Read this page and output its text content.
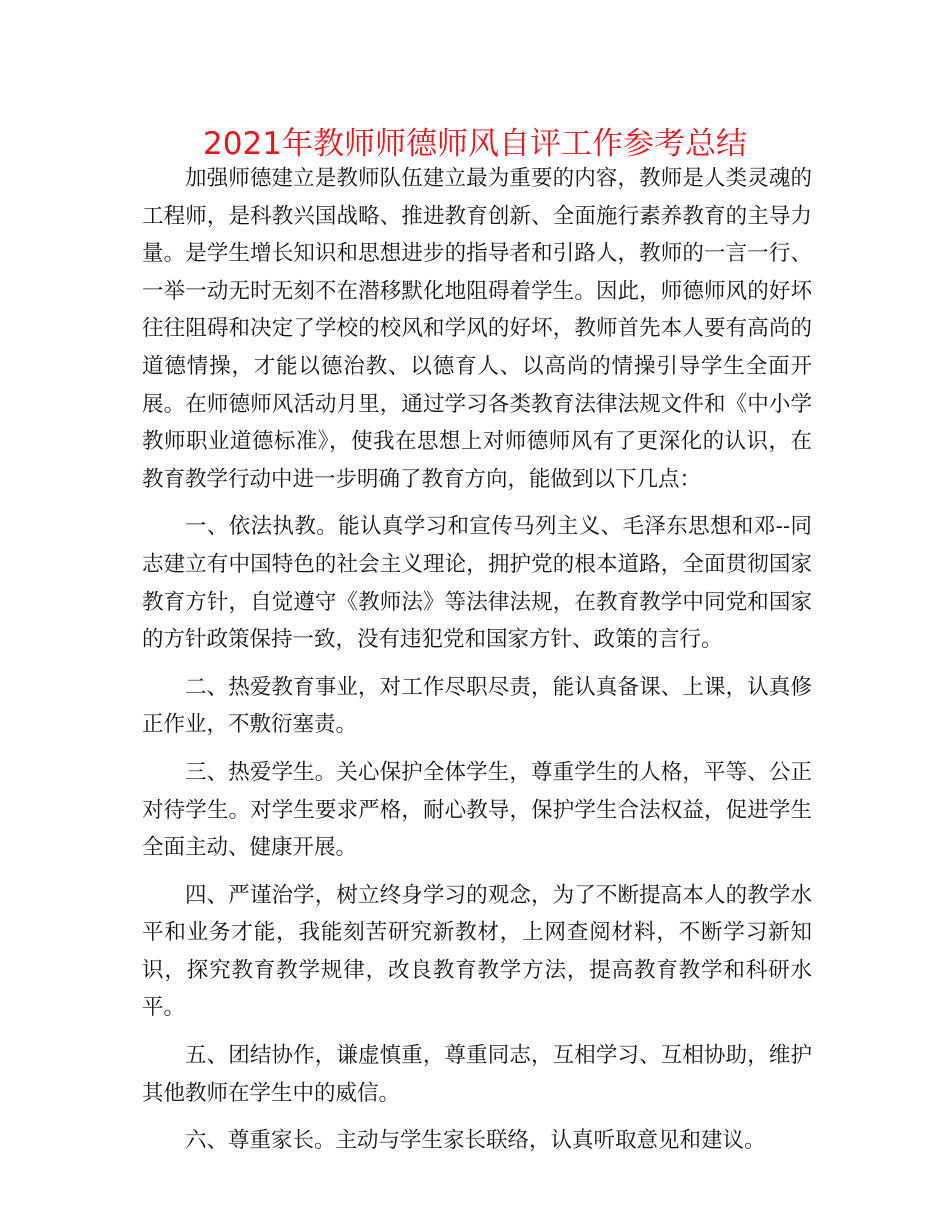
2021年教师师德师风自评工作参考总结

加强师德建立是教师队伍建立最为重要的内容，教师是人类灵魂的工程师，是科教兴国战略、推进教育创新、全面施行素养教育的主导力量。是学生增长知识和思想进步的指导者和引路人，教师的一言一行、一举一动无时无刻不在潜移默化地阻碍着学生。因此，师德师风的好坏往往阻碍和决定了学校的校风和学风的好坏，教师首先本人要有高尚的道德情操，才能以德治教、以德育人、以高尚的情操引导学生全面开展。在师德师风活动月里，通过学习各类教育法律法规文件和《中小学教师职业道德标准》，使我在思想上对师德师风有了更深化的认识，在教育教学行动中进一步明确了教育方向，能做到以下几点：

一、依法执教。能认真学习和宣传马列主义、毛泽东思想和邓--同志建立有中国特色的社会主义理论，拥护党的根本道路，全面贯彻国家教育方针，自觉遵守《教师法》等法律法规，在教育教学中同党和国家的方针政策保持一致，没有违犯党和国家方针、政策的言行。

二、热爱教育事业，对工作尽职尽责，能认真备课、上课，认真修正作业，不敷衍塞责。

三、热爱学生。关心保护全体学生，尊重学生的人格，平等、公正对待学生。对学生要求严格，耐心教导，保护学生合法权益，促进学生全面主动、健康开展。

四、严谨治学，树立终身学习的观念，为了不断提高本人的教学水平和业务才能，我能刻苦研究新教材，上网查阅材料，不断学习新知识，探究教育教学规律，改良教育教学方法，提高教育教学和科研水平。

五、团结协作，谦虚慎重，尊重同志，互相学习、互相协助，维护其他教师在学生中的威信。

六、尊重家长。主动与学生家长联络，认真听取意见和建议。
